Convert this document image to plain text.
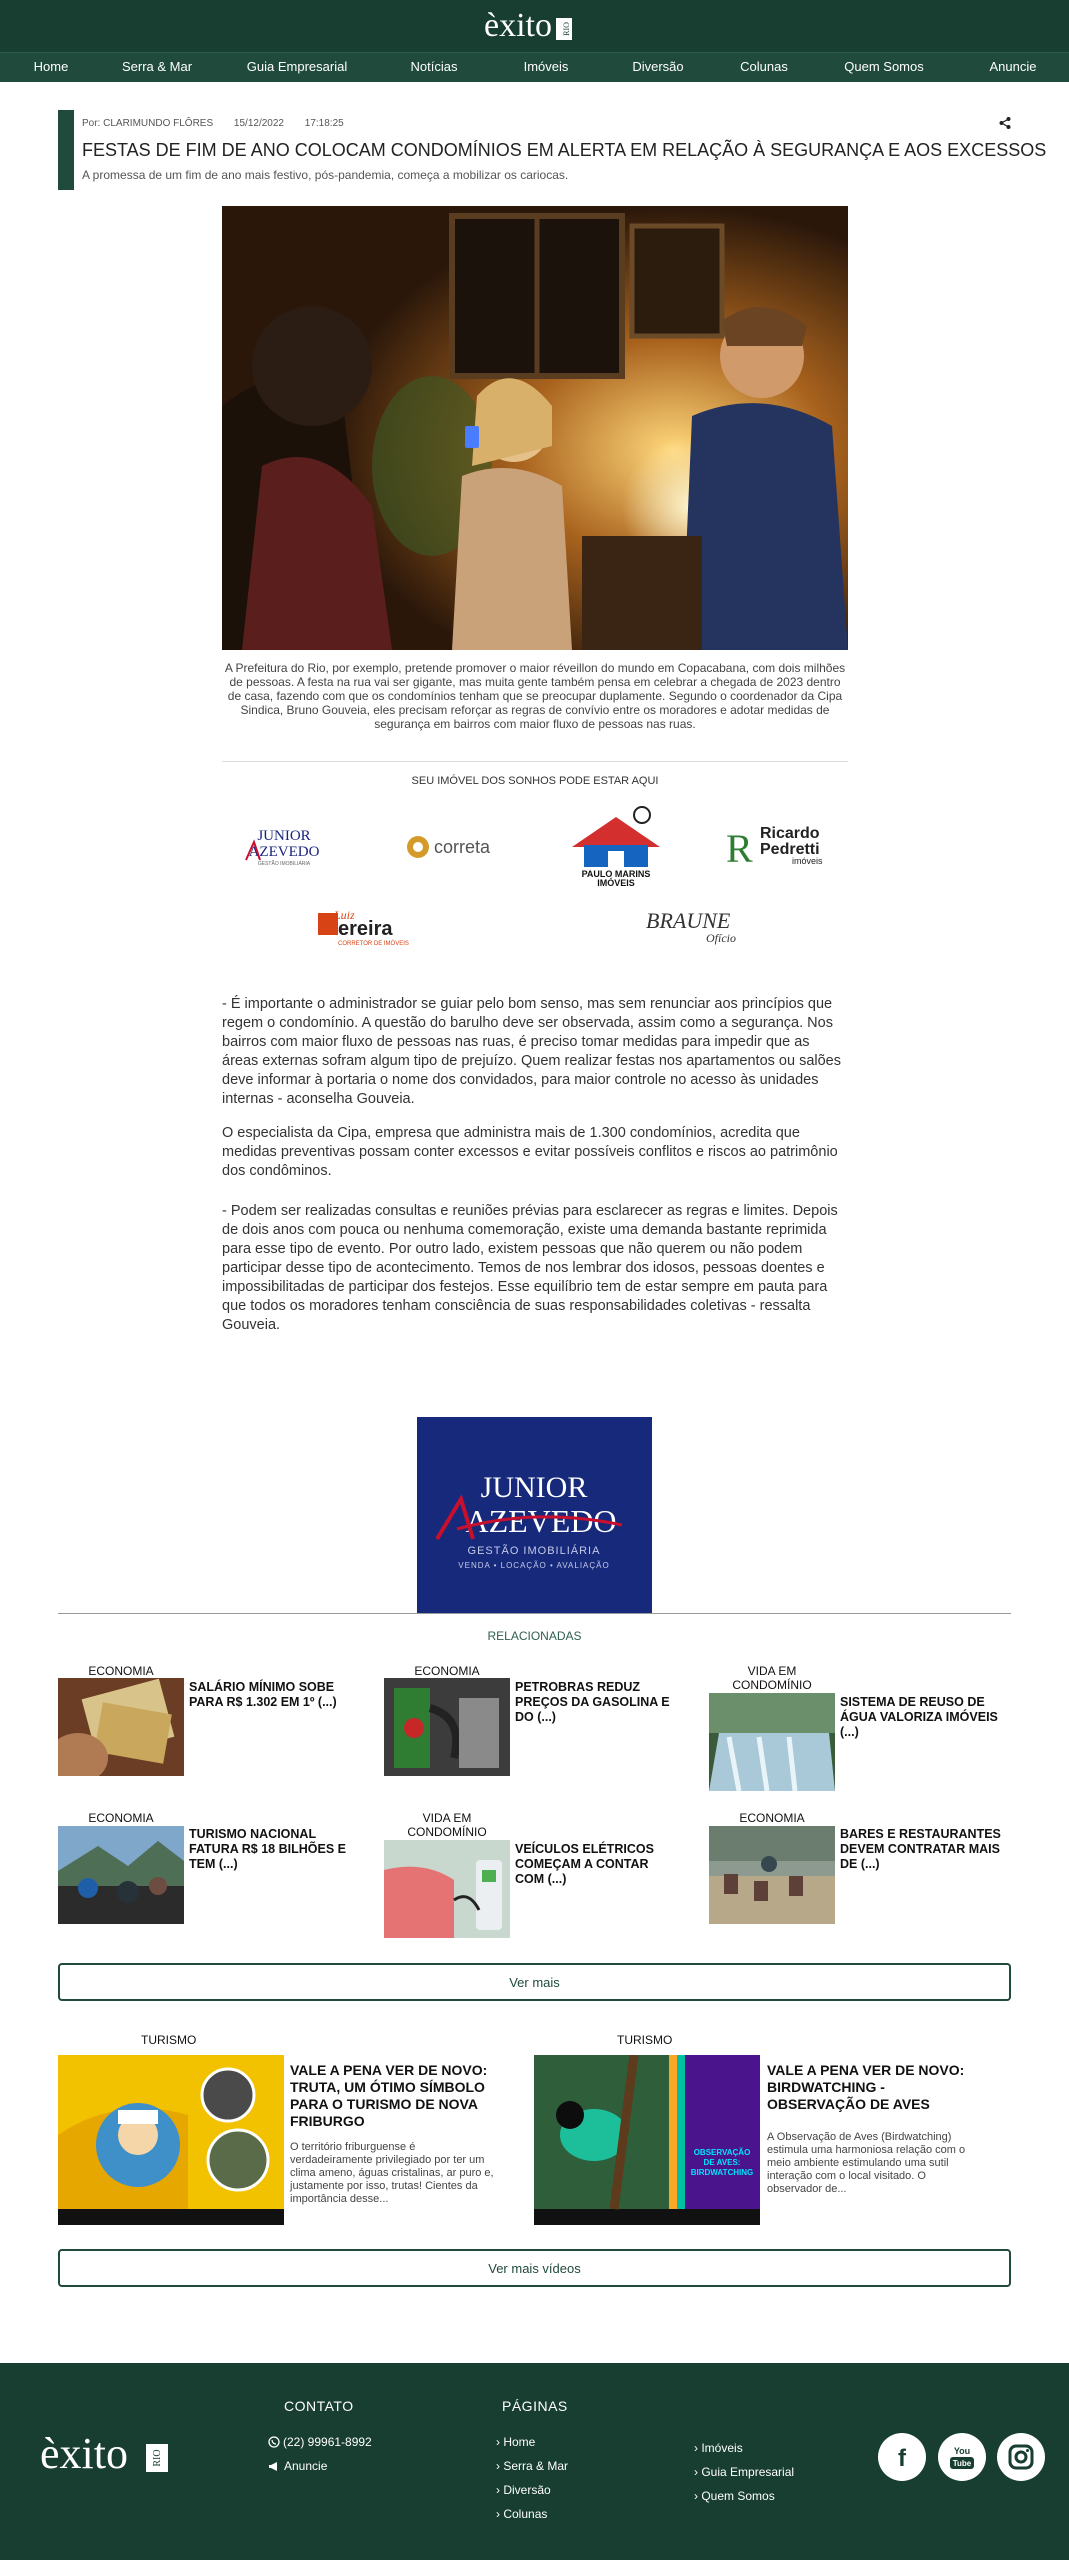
èxito RIO
Home	Serra & Mar	Guia Empresarial	Notícias	Imóveis	Diversão	Colunas	Quem Somos	Anuncie
Por: CLARIMUNDO FLÔRES 15/12/2022 17:18:25
FESTAS DE FIM DE ANO COLOCAM CONDOMÍNIOS EM ALERTA EM RELAÇÃO À SEGURANÇA E AOS EXCESSOS

A promessa de um fim de ano mais festivo, pós-pandemia, começa a mobilizar os cariocas.

A Prefeitura do Rio, por exemplo, pretende promover o maior réveillon do mundo em Copacabana, com dois milhões de pessoas. A festa na rua vai ser gigante, mas muita gente também pensa em celebrar a chegada de 2023 dentro de casa, fazendo com que os condomínios tenham que se preocupar duplamente. Segundo o coordenador da Cipa Sindica, Bruno Gouveia, eles precisam reforçar as regras de convívio entre os moradores e adotar medidas de segurança em bairros com maior fluxo de pessoas nas ruas.

SEU IMÓVEL DOS SONHOS PODE ESTAR AQUI

JUNIOR
AZEVEDO
GESTÃO IMOBILIÁRIA
correta
PAULO MARINS
IMÓVEIS
R Ricardo
Pedretti
imóveis
Luiz
ereira
CORRETOR DE IMÓVEIS
BRAUNE
Ofício

- É importante o administrador se guiar pelo bom senso, mas sem renunciar aos princípios que regem o condomínio. A questão do barulho deve ser observada, assim como a segurança. Nos bairros com maior fluxo de pessoas nas ruas, é preciso tomar medidas para impedir que as áreas externas sofram algum tipo de prejuízo. Quem realizar festas nos apartamentos ou salões deve informar à portaria o nome dos convidados, para maior controle no acesso às unidades internas - aconselha Gouveia.

O especialista da Cipa, empresa que administra mais de 1.300 condomínios, acredita que medidas preventivas possam conter excessos e evitar possíveis conflitos e riscos ao patrimônio dos condôminos.

- Podem ser realizadas consultas e reuniões prévias para esclarecer as regras e limites. Depois de dois anos com pouca ou nenhuma comemoração, existe uma demanda bastante reprimida para esse tipo de evento. Por outro lado, existem pessoas que não querem ou não podem participar desse tipo de acontecimento. Temos de nos lembrar dos idosos, pessoas doentes e impossibilitadas de participar dos festejos. Esse equilíbrio tem de estar sempre em pauta para que todos os moradores tenham consciência de suas responsabilidades coletivas - ressalta Gouveia.

JUNIOR
AZEVEDO
GESTÃO IMOBILIÁRIA
VENDA • LOCAÇÃO • AVALIAÇÃO

RELACIONADAS

ECONOMIA
SALÁRIO MÍNIMO SOBE PARA R$ 1.302 EM 1º (...)
ECONOMIA
PETROBRAS REDUZ PREÇOS DA GASOLINA E DO (...)
VIDA EM CONDOMÍNIO
SISTEMA DE REUSO DE ÁGUA VALORIZA IMÓVEIS (...)
ECONOMIA
TURISMO NACIONAL FATURA R$ 18 BILHÕES E TEM (...)
VIDA EM CONDOMÍNIO
VEÍCULOS ELÉTRICOS COMEÇAM A CONTAR COM (...)
ECONOMIA
BARES E RESTAURANTES DEVEM CONTRATAR MAIS DE (...)
Ver mais
TURISMO
VALE A PENA VER DE NOVO: TRUTA, UM ÓTIMO SÍMBOLO PARA O TURISMO DE NOVA FRIBURGO
O território friburguense é verdadeiramente privilegiado por ter um clima ameno, águas cristalinas, ar puro e, justamente por isso, trutas! Cientes da importância desse...
TURISMO
OBSERVAÇÃO DE AVES: BIRDWATCHING
VALE A PENA VER DE NOVO: BIRDWATCHING - OBSERVAÇÃO DE AVES
A Observação de Aves (Birdwatching) estimula uma harmoniosa relação com o meio ambiente estimulando uma sutil interação com o local visitado. O observador de...
Ver mais vídeos
èxito RIO
CONTATO
(22) 99961-8992
Anuncie
PÁGINAS
› Home
› Serra & Mar
› Diversão
› Colunas
› Imóveis
› Guia Empresarial
› Quem Somos
f	You
Tube
